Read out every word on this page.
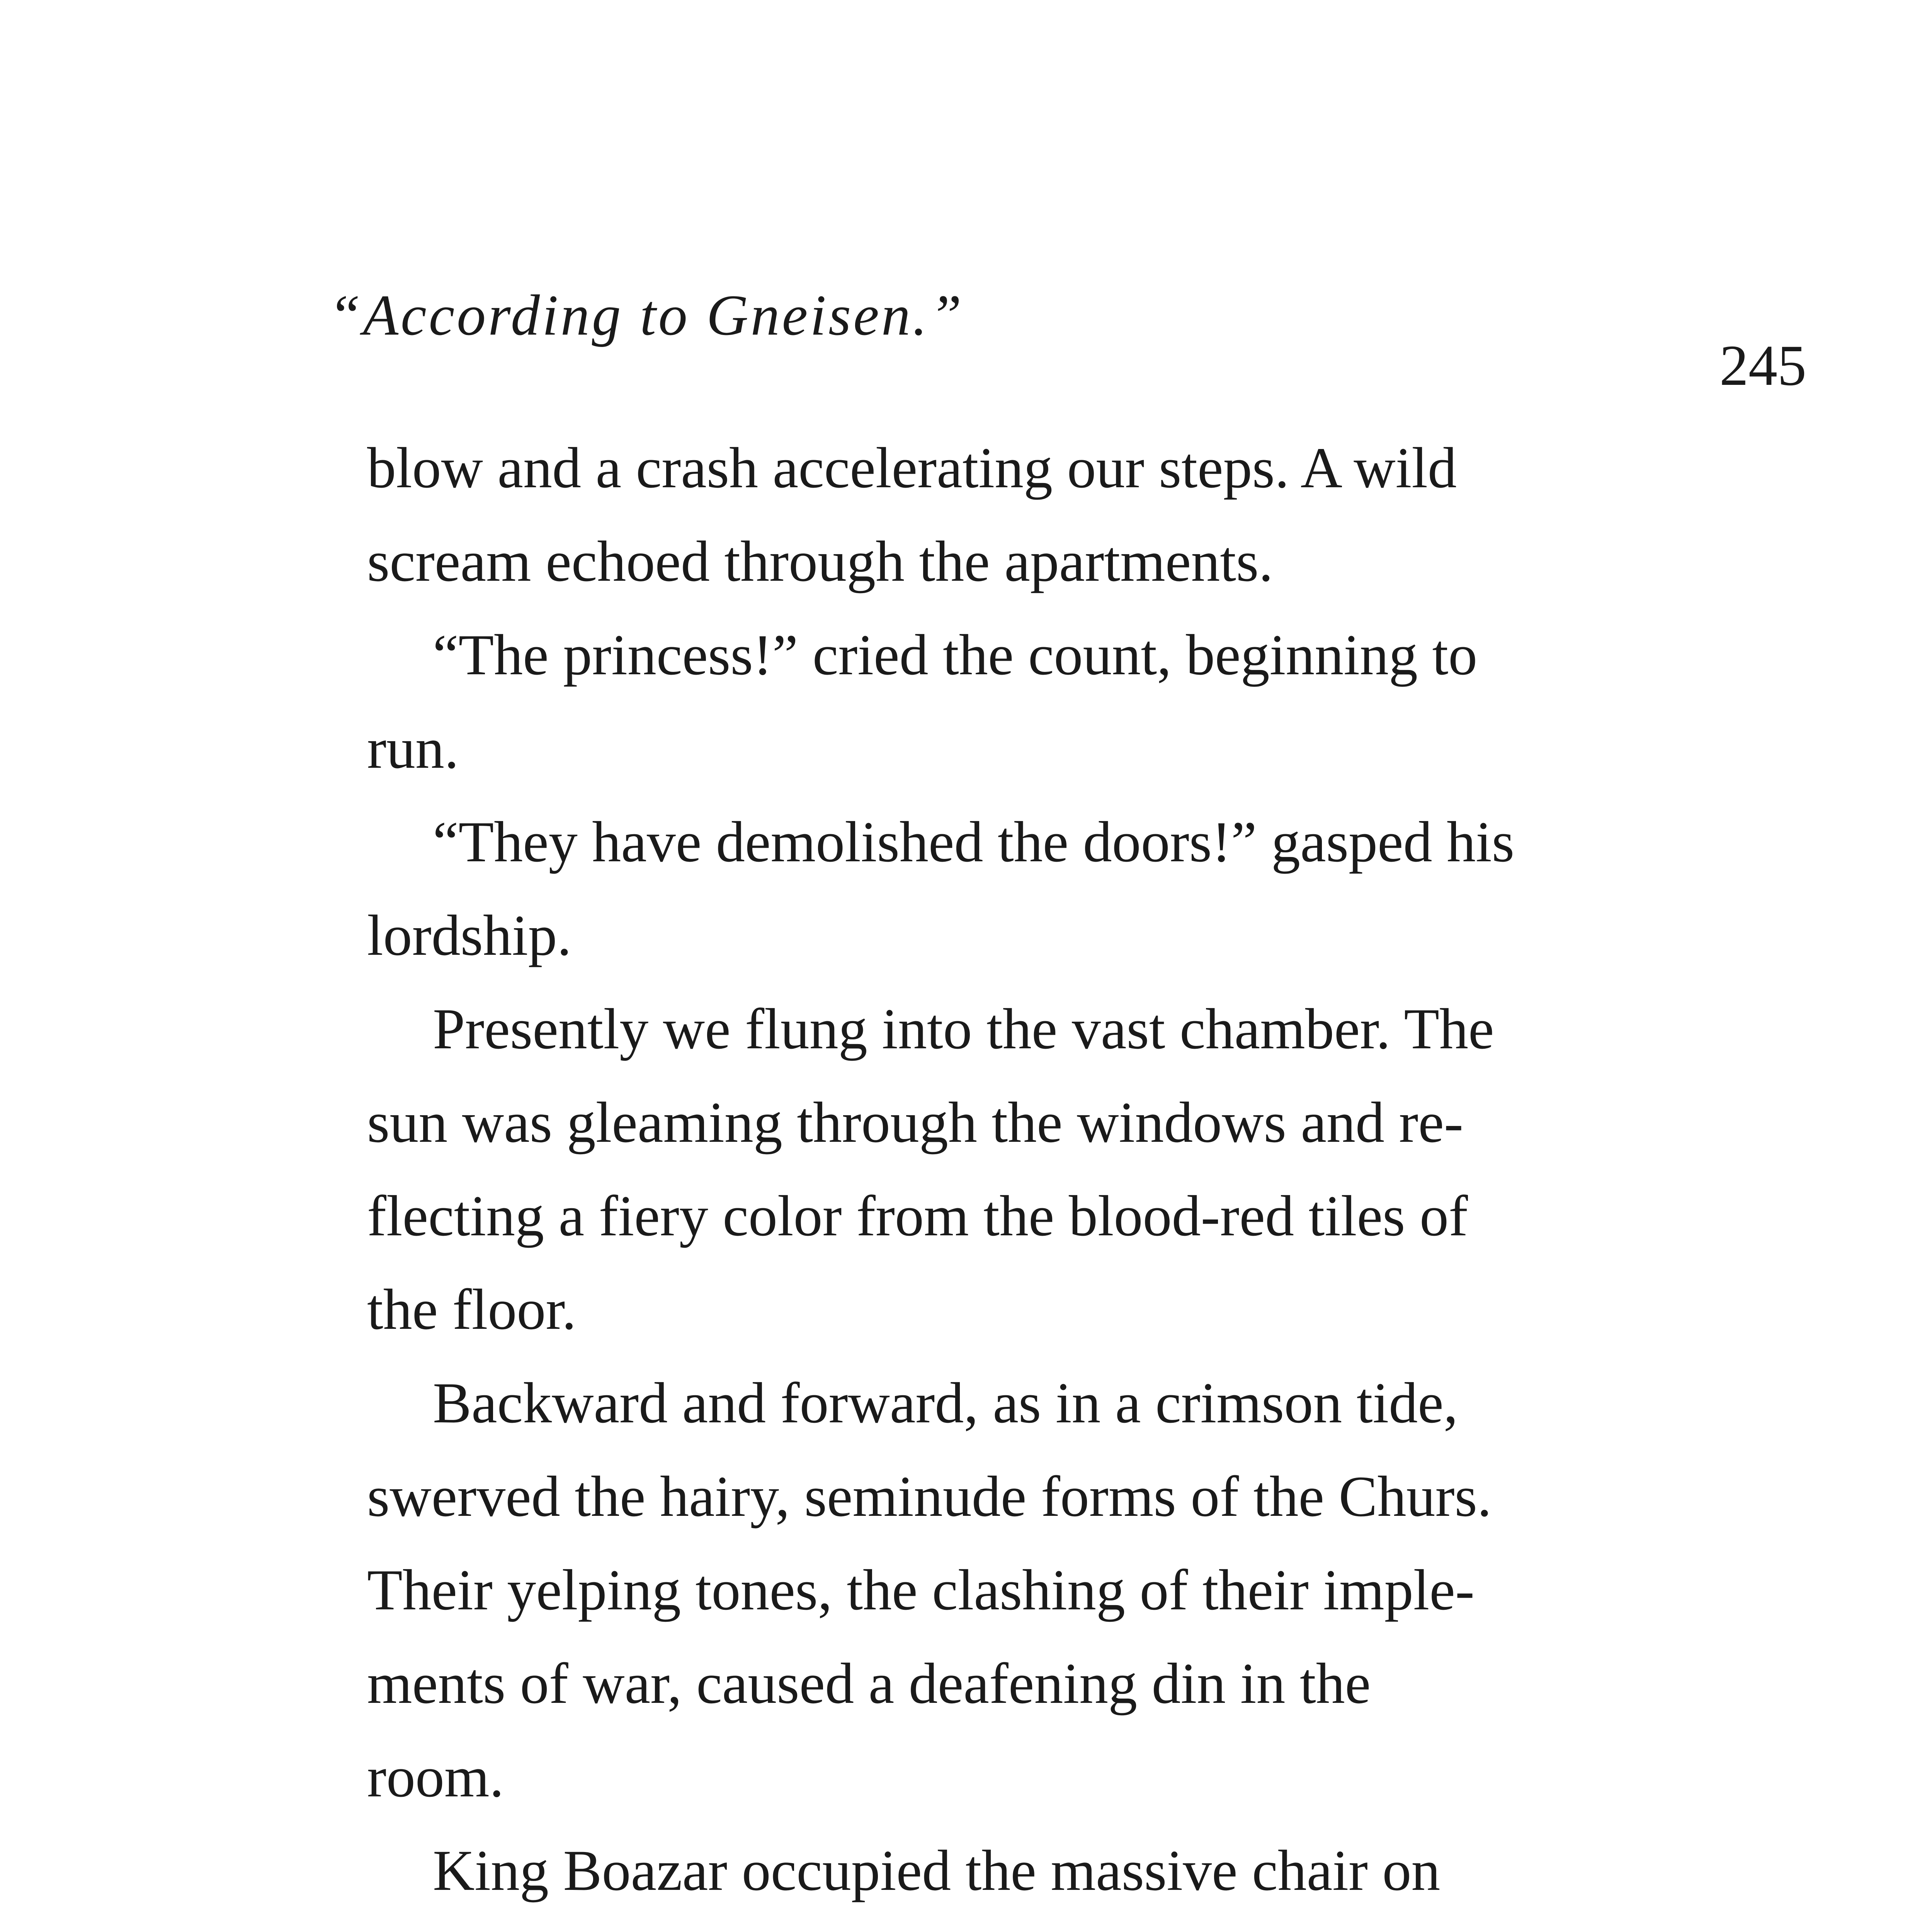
“According to Gneisen.”
245

blow and a crash accelerating our steps. A wild
scream echoed through the apartments.

“The princess!” cried the count, beginning to
run.

“They have demolished the doors!” gasped his
lordship.

Presently we flung into the vast chamber. The
sun was gleaming through the windows and re-
flecting a fiery color from the blood-red tiles of
the floor.

Backward and forward, as in a crimson tide,
swerved the hairy, seminude forms of the Churs.
Their yelping tones, the clashing of their imple-
ments of war, caused a deafening din in the
room.

King Boazar occupied the massive chair on
